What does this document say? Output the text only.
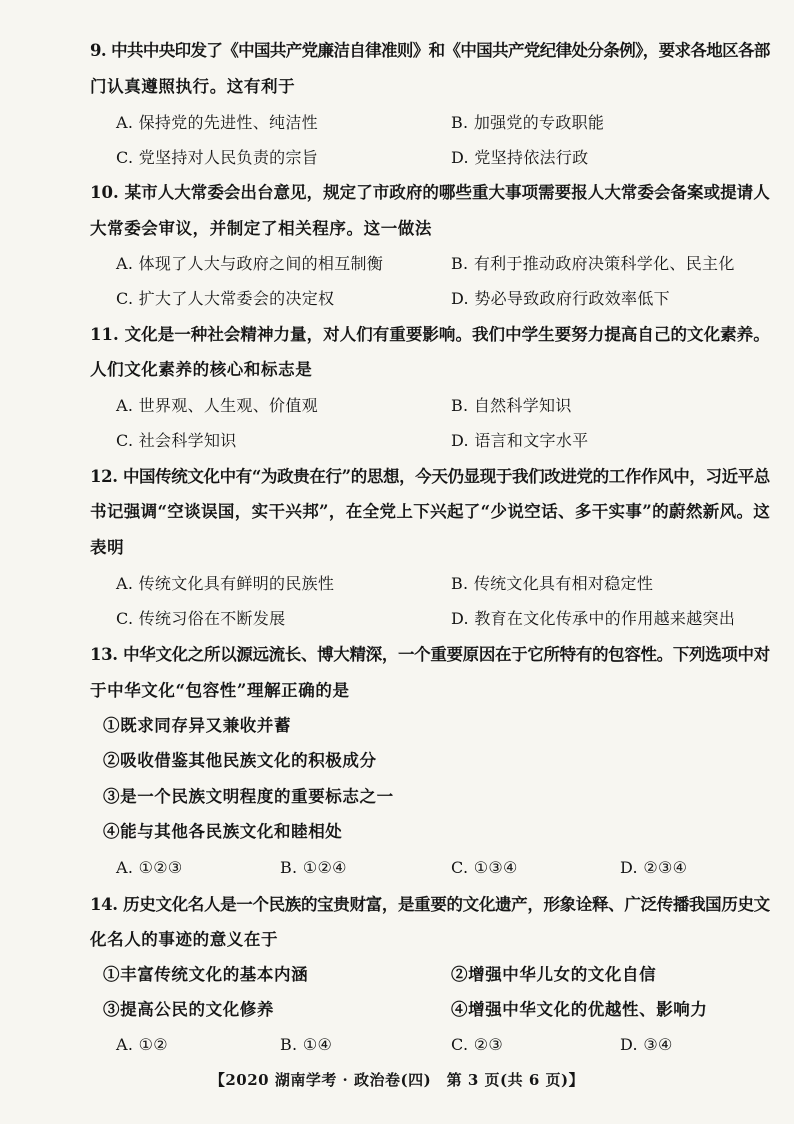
9. 中共中央印发了《中国共产党廉洁自律准则》和《中国共产党纪律处分条例》，要求各地区各部
门认真遵照执行。这有利于
A. 保持党的先进性、纯洁性	B. 加强党的专政职能
C. 党坚持对人民负责的宗旨	D. 党坚持依法行政
10. 某市人大常委会出台意见，规定了市政府的哪些重大事项需要报人大常委会备案或提请人
大常委会审议，并制定了相关程序。这一做法
A. 体现了人大与政府之间的相互制衡	B. 有利于推动政府决策科学化、民主化
C. 扩大了人大常委会的决定权	D. 势必导致政府行政效率低下
11. 文化是一种社会精神力量，对人们有重要影响。我们中学生要努力提高自己的文化素养。
人们文化素养的核心和标志是
A. 世界观、人生观、价值观	B. 自然科学知识
C. 社会科学知识	D. 语言和文字水平
12. 中国传统文化中有“为政贵在行”的思想，今天仍显现于我们改进党的工作作风中，习近平总
书记强调“空谈误国，实干兴邦”，在全党上下兴起了“少说空话、多干实事”的蔚然新风。这
表明
A. 传统文化具有鲜明的民族性	B. 传统文化具有相对稳定性
C. 传统习俗在不断发展	D. 教育在文化传承中的作用越来越突出
13. 中华文化之所以源远流长、博大精深，一个重要原因在于它所特有的包容性。下列选项中对
于中华文化“包容性”理解正确的是
①既求同存异又兼收并蓄
②吸收借鉴其他民族文化的积极成分
③是一个民族文明程度的重要标志之一
④能与其他各民族文化和睦相处
A. ①②③	B. ①②④	C. ①③④	D. ②③④
14. 历史文化名人是一个民族的宝贵财富，是重要的文化遗产，形象诠释、广泛传播我国历史文
化名人的事迹的意义在于
①丰富传统文化的基本内涵	②增强中华儿女的文化自信
③提高公民的文化修养	④增强中华文化的优越性、影响力
A. ①②	B. ①④	C. ②③	D. ③④
【2020 湖南学考 · 政治卷(四)　第 3 页(共 6 页)】
